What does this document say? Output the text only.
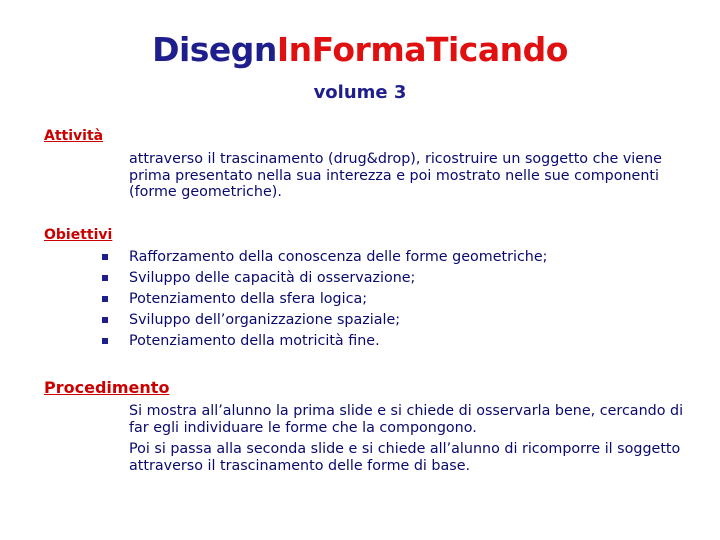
DisegnInFormaTicando
volume 3
Attività
attraverso il trascinamento (drug&drop), ricostruire un soggetto che viene prima presentato nella sua interezza e poi mostrato nelle sue componenti (forme geometriche).
Obiettivi
Rafforzamento della conoscenza delle forme geometriche;
Sviluppo delle capacità di osservazione;
Potenziamento della sfera logica;
Sviluppo dell’organizzazione spaziale;
Potenziamento della motricità fine.
Procedimento
Si mostra all’alunno la prima slide e si chiede di osservarla bene, cercando di far egli individuare le forme che la compongono.
Poi si passa alla seconda slide e si chiede all’alunno di ricomporre il soggetto attraverso il trascinamento delle forme di base.
